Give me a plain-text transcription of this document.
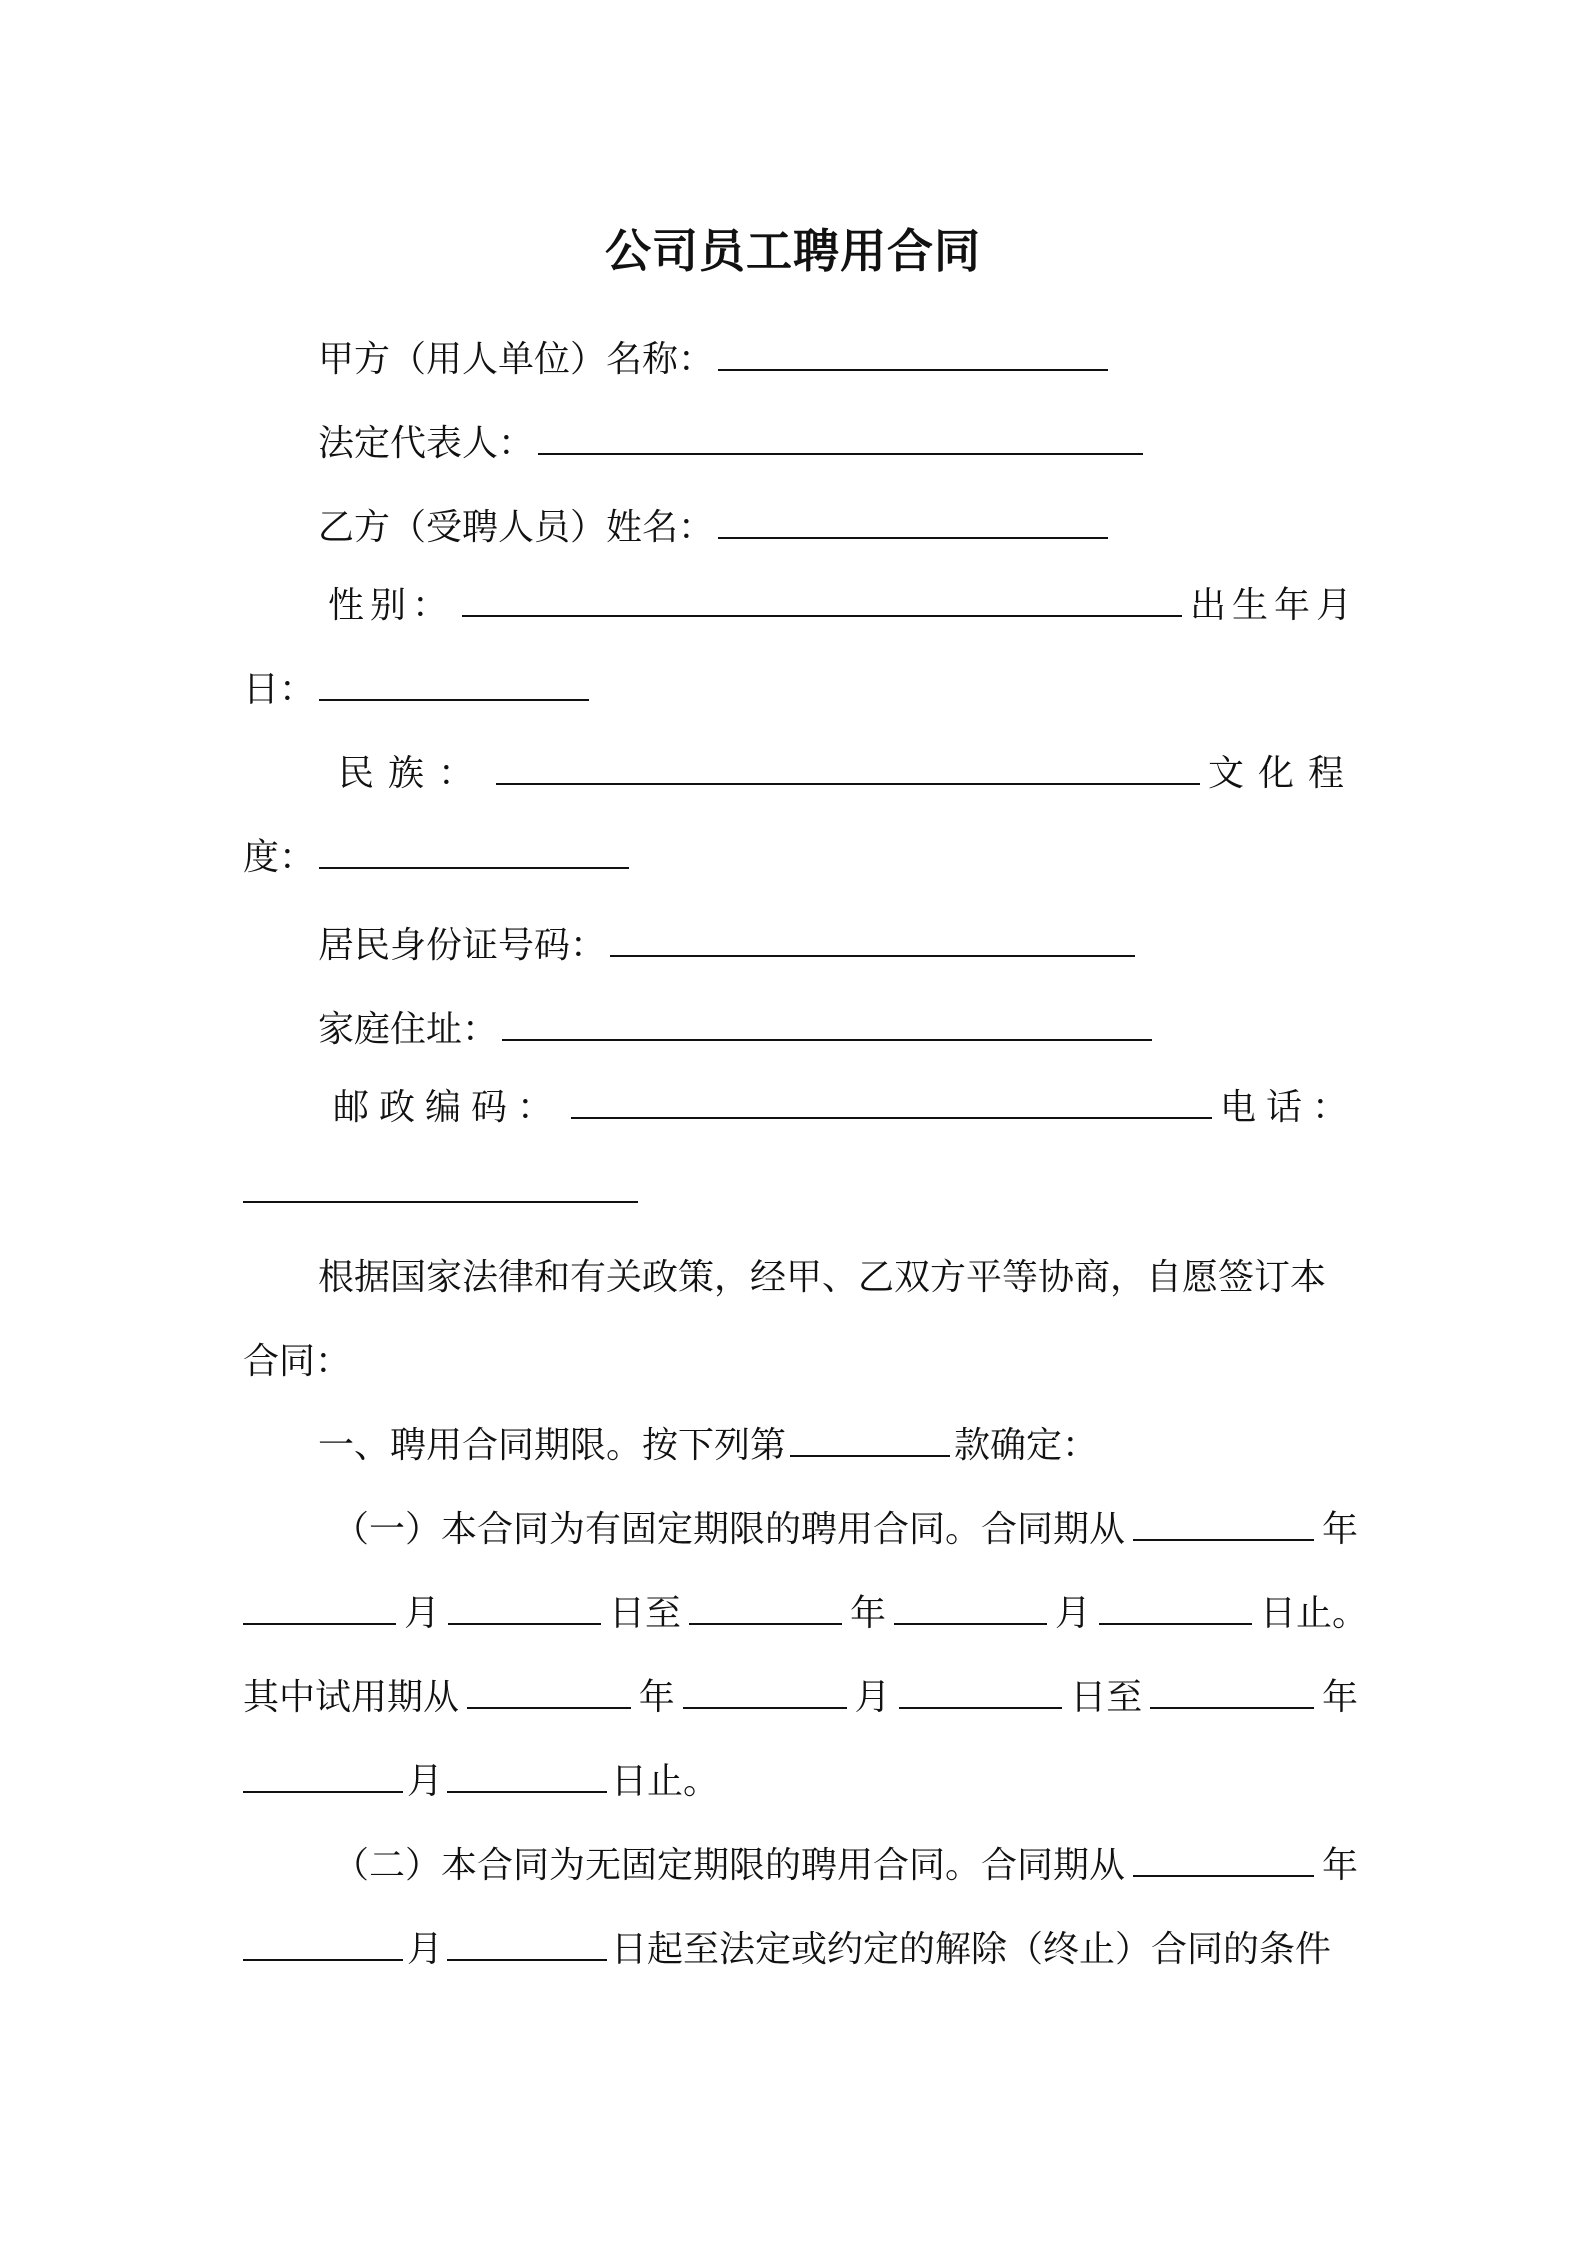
公司员工聘用合同
甲方（用人单位）名称：
法定代表人：
乙方（受聘人员）姓名：
性别：	出生年月
日：
民族：	文化程
度：
居民身份证号码：
家庭住址：
邮政编码：	电话：
根据国家法律和有关政策，经甲、乙双方平等协商，自愿签订本
合同：
一、聘用合同期限。按下列第	款确定：
（一）本合同为有固定期限的聘用合同。合同期从	年
月	日至	年	月	日止。
其中试用期从	年	月	日至	年
月	日止。
（二）本合同为无固定期限的聘用合同。合同期从	年
月	日起至法定或约定的解除（终止）合同的条件
